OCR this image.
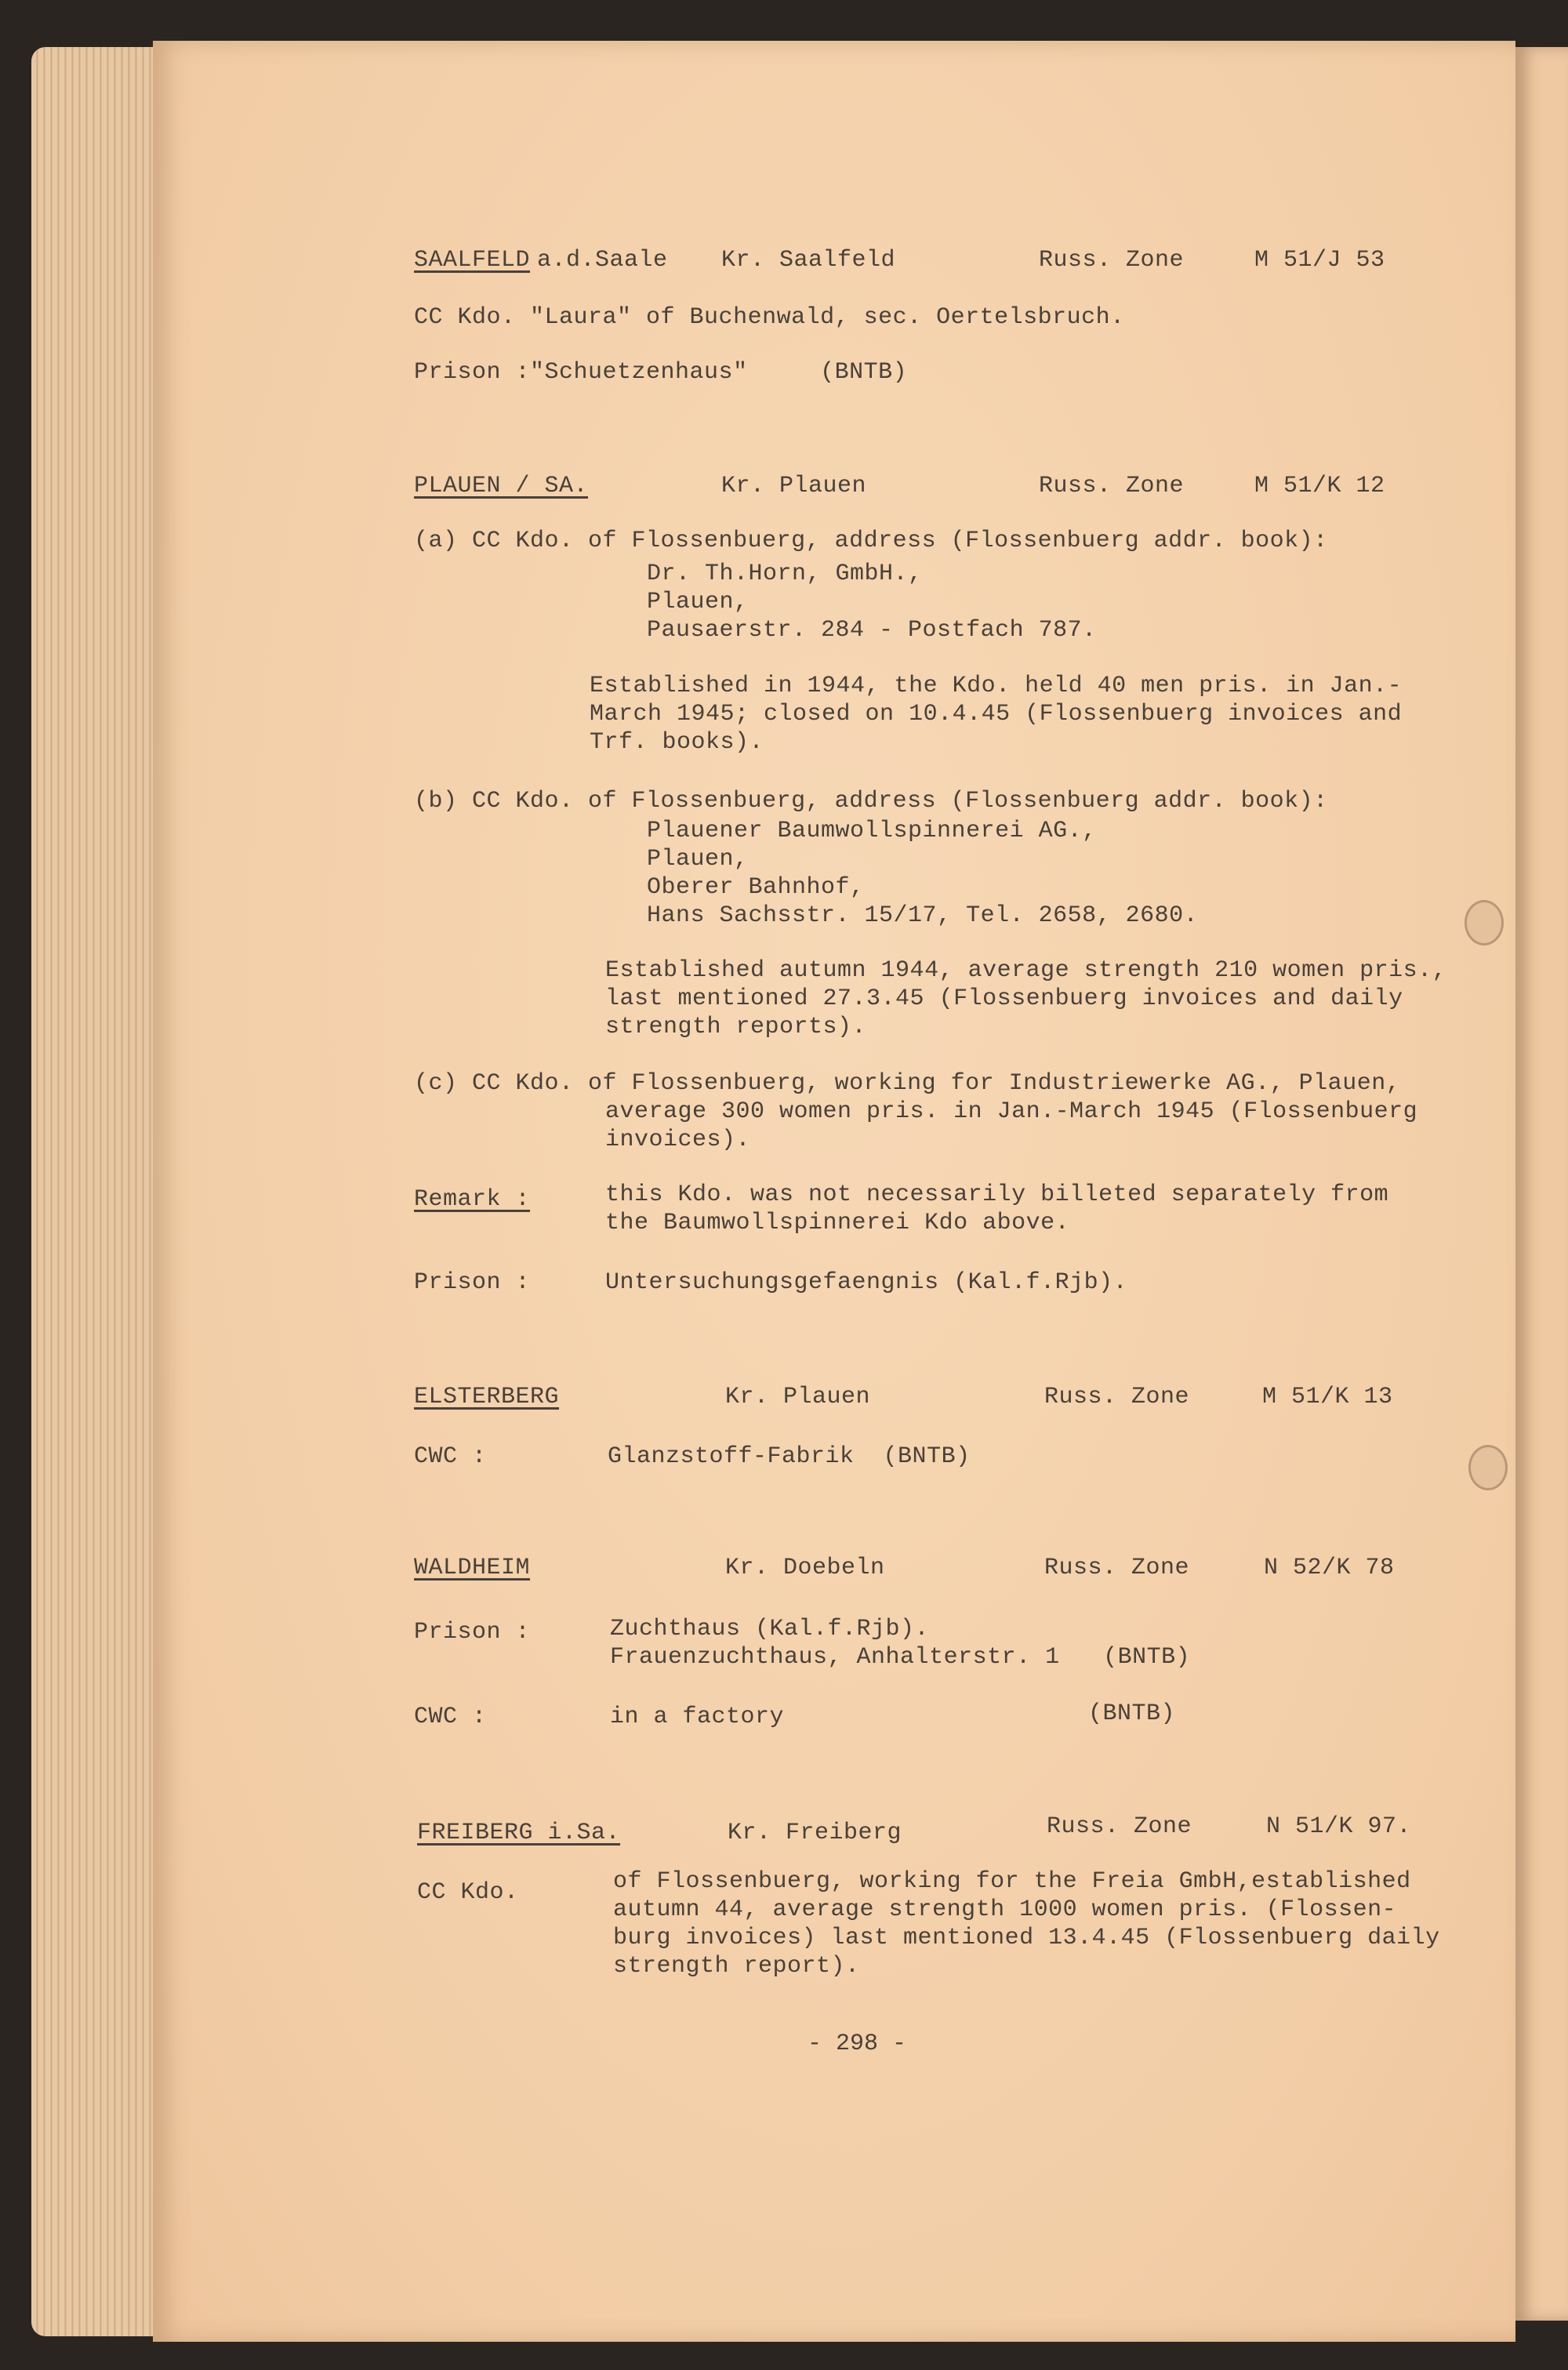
SAALFELD a.d.Saale Kr. Saalfeld	Russ. Zone	M 51/J 53
CC Kdo. "Laura" of Buchenwald, sec. Oertelsbruch.
Prison :"Schuetzenhaus"     (BNTB)
PLAUEN / SA.	Kr. Plauen	Russ. Zone	M 51/K 12
(a) CC Kdo. of Flossenbuerg, address (Flossenbuerg addr. book):
Dr. Th.Horn, GmbH.,
Plauen,
Pausaerstr. 284 - Postfach 787.
Established in 1944, the Kdo. held 40 men pris. in Jan.-
March 1945; closed on 10.4.45 (Flossenbuerg invoices and
Trf. books).
(b) CC Kdo. of Flossenbuerg, address (Flossenbuerg addr. book):
Plauener Baumwollspinnerei AG.,
Plauen,
Oberer Bahnhof,
Hans Sachsstr. 15/17, Tel. 2658, 2680.
Established autumn 1944, average strength 210 women pris.,
last mentioned 27.3.45 (Flossenbuerg invoices and daily
strength reports).
(c) CC Kdo. of Flossenbuerg, working for Industriewerke AG., Plauen,
average 300 women pris. in Jan.-March 1945 (Flossenbuerg
invoices).
Remark :	this Kdo. was not necessarily billeted separately from
the Baumwollspinnerei Kdo above.
Prison :	Untersuchungsgefaengnis (Kal.f.Rjb).
ELSTERBERG	Kr. Plauen	Russ. Zone	M 51/K 13
CWC :	Glanzstoff-Fabrik  (BNTB)
WALDHEIM	Kr. Doebeln	Russ. Zone	N 52/K 78
Prison :	Zuchthaus (Kal.f.Rjb).
Frauenzuchthaus, Anhalterstr. 1   (BNTB)
CWC :	in a factory	(BNTB)
FREIBERG i.Sa.	Kr. Freiberg	Russ. Zone	N 51/K 97.
CC Kdo.	of Flossenbuerg, working for the Freia GmbH,established
autumn 44, average strength 1000 women pris. (Flossen-
burg invoices) last mentioned 13.4.45 (Flossenbuerg daily
strength report).
- 298 -
